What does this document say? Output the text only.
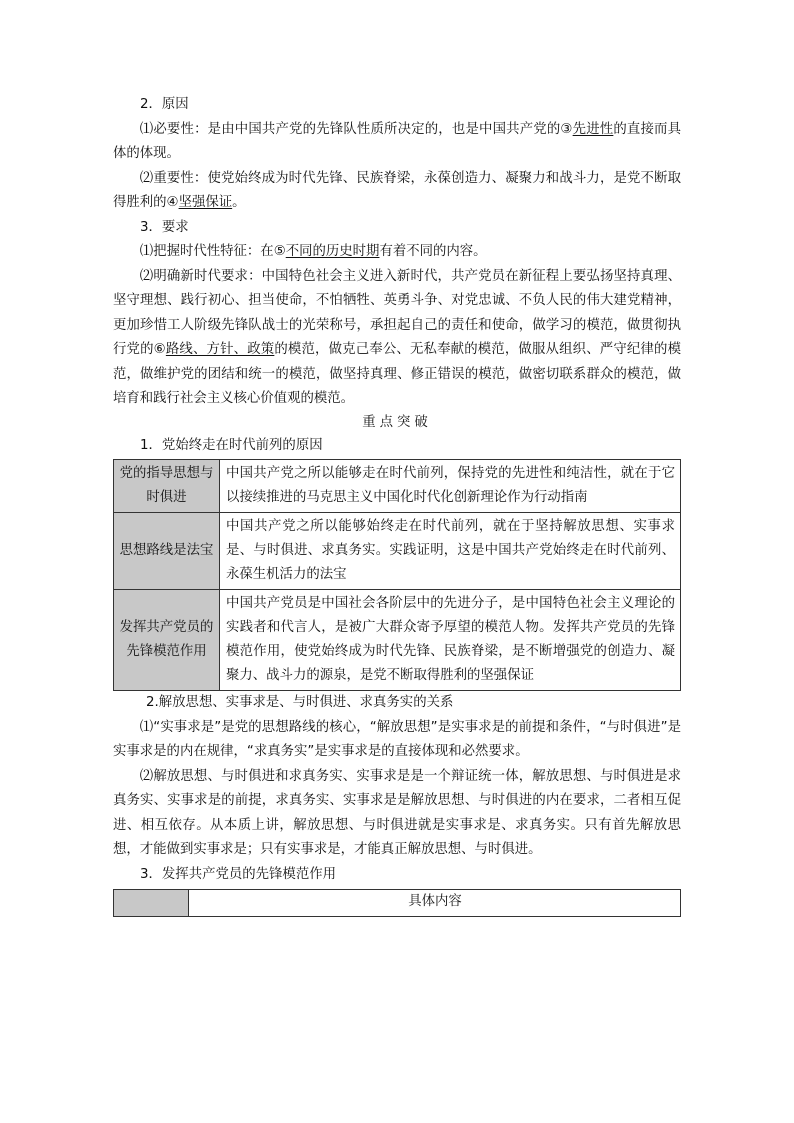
2．原因

⑴必要性：是由中国共产党的先锋队性质所决定的，也是中国共产党的③先进性的直接而具体的体现。

⑵重要性：使党始终成为时代先锋、民族脊梁，永葆创造力、凝聚力和战斗力，是党不断取得胜利的④坚强保证。

3．要求

⑴把握时代性特征：在⑤不同的历史时期有着不同的内容。

⑵明确新时代要求：中国特色社会主义进入新时代，共产党员在新征程上要弘扬坚持真理、坚守理想、践行初心、担当使命，不怕牺牲、英勇斗争、对党忠诚、不负人民的伟大建党精神，更加珍惜工人阶级先锋队战士的光荣称号，承担起自己的责任和使命，做学习的模范，做贯彻执行党的⑥路线、方针、政策的模范，做克己奉公、无私奉献的模范，做服从组织、严守纪律的模范，做维护党的团结和统一的模范，做坚持真理、修正错误的模范，做密切联系群众的模范，做培育和践行社会主义核心价值观的模范。

重点突破

1．党始终走在时代前列的原因

党的指导思想与时俱进	中国共产党之所以能够走在时代前列，保持党的先进性和纯洁性，就在于它以接续推进的马克思主义中国化时代化创新理论作为行动指南
思想路线是法宝	中国共产党之所以能够始终走在时代前列，就在于坚持解放思想、实事求是、与时俱进、求真务实。实践证明，这是中国共产党始终走在时代前列、永葆生机活力的法宝
发挥共产党员的先锋模范作用	中国共产党员是中国社会各阶层中的先进分子，是中国特色社会主义理论的实践者和代言人，是被广大群众寄予厚望的模范人物。发挥共产党员的先锋模范作用，使党始终成为时代先锋、民族脊梁，是不断增强党的创造力、凝聚力、战斗力的源泉，是党不断取得胜利的坚强保证

2.解放思想、实事求是、与时俱进、求真务实的关系

⑴“实事求是”是党的思想路线的核心，“解放思想”是实事求是的前提和条件，“与时俱进”是实事求是的内在规律，“求真务实”是实事求是的直接体现和必然要求。

⑵解放思想、与时俱进和求真务实、实事求是是一个辩证统一体，解放思想、与时俱进是求真务实、实事求是的前提，求真务实、实事求是是解放思想、与时俱进的内在要求，二者相互促进、相互依存。从本质上讲，解放思想、与时俱进就是实事求是、求真务实。只有首先解放思想，才能做到实事求是；只有实事求是，才能真正解放思想、与时俱进。

3．发挥共产党员的先锋模范作用

	具体内容
